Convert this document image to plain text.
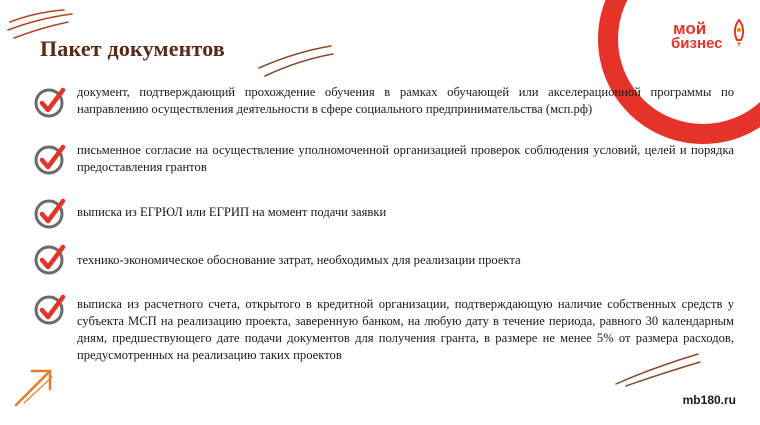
Пакет документов
мой
бизнес
документ, подтверждающий прохождение обучения в рамках обучающей или акселерационной программы по направлению осуществления деятельности в сфере социального предпринимательства (мсп.рф)
письменное согласие на осуществление уполномоченной организацией проверок соблюдения условий, целей и порядка предоставления грантов
выписка из ЕГРЮЛ или ЕГРИП на момент подачи заявки
технико-экономическое обоснование затрат, необходимых для реализации проекта
выписка из расчетного счета, открытого в кредитной организации, подтверждающую наличие собственных средств у субъекта МСП на реализацию проекта, заверенную банком, на любую дату в течение периода, равного 30 календарным дням, предшествующего дате подачи документов для получения гранта, в размере не менее 5% от размера расходов, предусмотренных на реализацию таких проектов
mb180.ru
